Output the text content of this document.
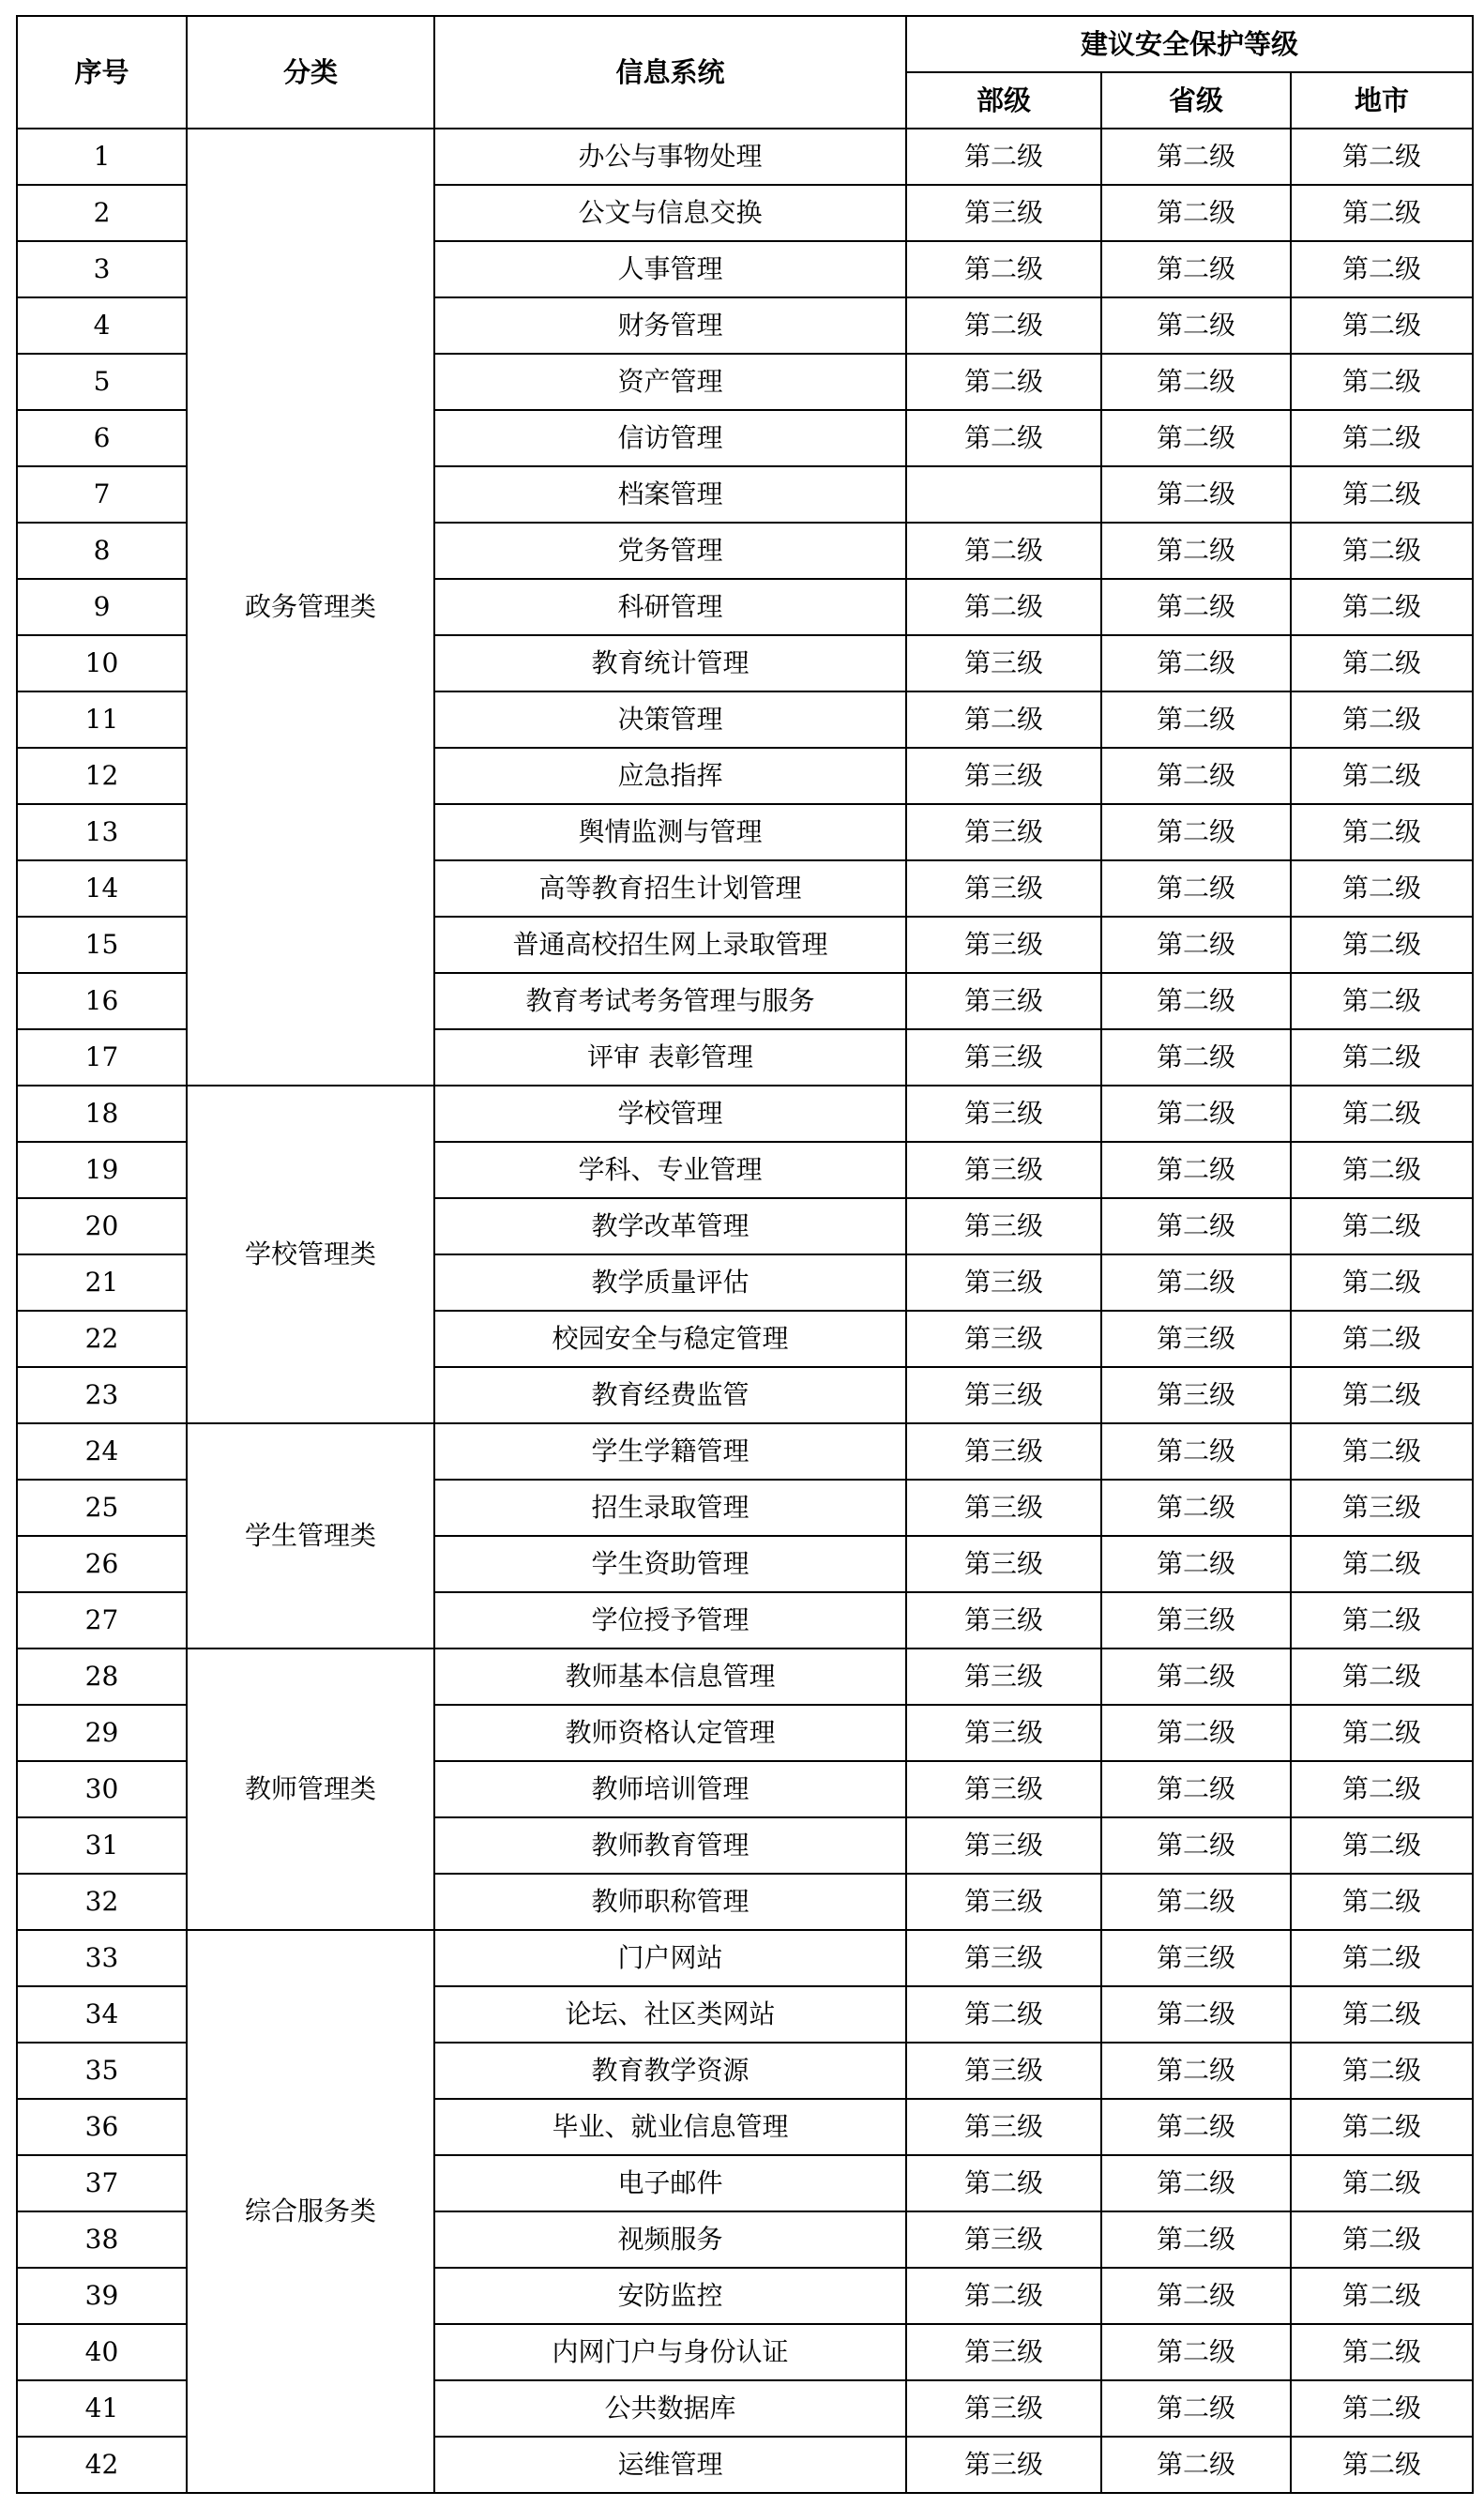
序号	分类	信息系统	建议安全保护等级		
			部级	省级	地市
1	政务管理类	办公与事物处理	第二级	第二级	第二级
2		公文与信息交换	第三级	第二级	第二级
3		人事管理	第二级	第二级	第二级
4		财务管理	第二级	第二级	第二级
5		资产管理	第二级	第二级	第二级
6		信访管理	第二级	第二级	第二级
7		档案管理		第二级	第二级
8		党务管理	第二级	第二级	第二级
9		科研管理	第二级	第二级	第二级
10		教育统计管理	第三级	第二级	第二级
11		决策管理	第二级	第二级	第二级
12		应急指挥	第三级	第二级	第二级
13		舆情监测与管理	第三级	第二级	第二级
14		高等教育招生计划管理	第三级	第二级	第二级
15		普通高校招生网上录取管理	第三级	第二级	第二级
16		教育考试考务管理与服务	第三级	第二级	第二级
17		评审 表彰管理	第三级	第二级	第二级
18	学校管理类	学校管理	第三级	第二级	第二级
19		学科、专业管理	第三级	第二级	第二级
20		教学改革管理	第三级	第二级	第二级
21		教学质量评估	第三级	第二级	第二级
22		校园安全与稳定管理	第三级	第三级	第二级
23		教育经费监管	第三级	第三级	第二级
24	学生管理类	学生学籍管理	第三级	第二级	第二级
25		招生录取管理	第三级	第二级	第三级
26		学生资助管理	第三级	第二级	第二级
27		学位授予管理	第三级	第三级	第二级
28	教师管理类	教师基本信息管理	第三级	第二级	第二级
29		教师资格认定管理	第三级	第二级	第二级
30		教师培训管理	第三级	第二级	第二级
31		教师教育管理	第三级	第二级	第二级
32		教师职称管理	第三级	第二级	第二级
33	综合服务类	门户网站	第三级	第三级	第二级
34		论坛、社区类网站	第二级	第二级	第二级
35		教育教学资源	第三级	第二级	第二级
36		毕业、就业信息管理	第三级	第二级	第二级
37		电子邮件	第二级	第二级	第二级
38		视频服务	第三级	第二级	第二级
39		安防监控	第二级	第二级	第二级
40		内网门户与身份认证	第三级	第二级	第二级
41		公共数据库	第三级	第二级	第二级
42		运维管理	第三级	第二级	第二级
